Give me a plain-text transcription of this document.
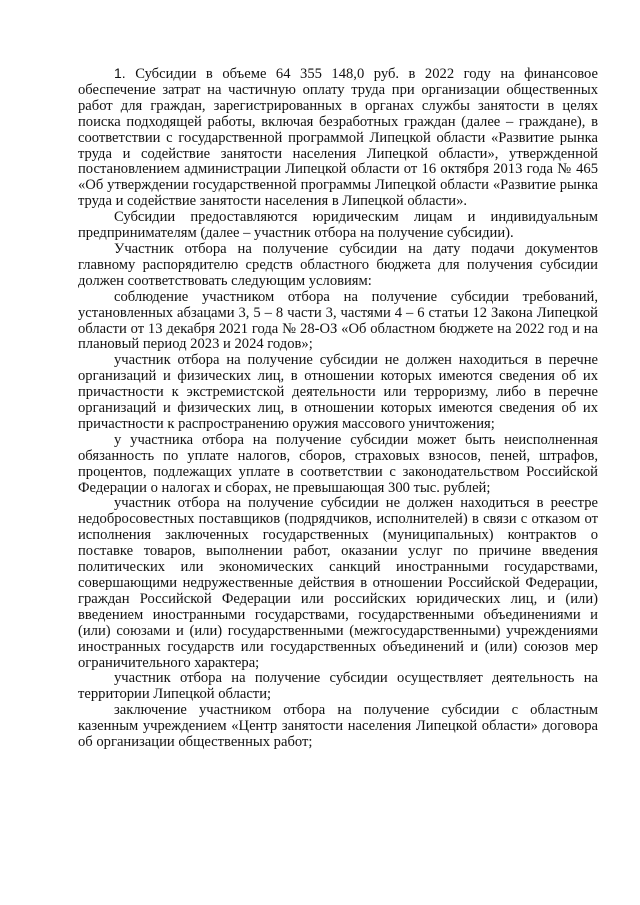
1. Субсидии в объеме 64 355 148,0 руб. в 2022 году на финансовое обеспечение затрат на частичную оплату труда при организации общественных работ для граждан, зарегистрированных в органах службы занятости в целях поиска подходящей работы, включая безработных граждан (далее – граждане), в соответствии с государственной программой Липецкой области «Развитие рынка труда и содействие занятости населения Липецкой области», утвержденной постановлением администрации Липецкой области от 16 октября 2013 года № 465 «Об утверждении государственной программы Липецкой области «Развитие рынка труда и содействие занятости населения в Липецкой области».

Субсидии предоставляются юридическим лицам и индивидуальным предпринимателям (далее – участник отбора на получение субсидии).

Участник отбора на получение субсидии на дату подачи документов главному распорядителю средств областного бюджета для получения субсидии должен соответствовать следующим условиям:

соблюдение участником отбора на получение субсидии требований, установленных абзацами 3, 5 – 8 части 3, частями 4 – 6 статьи 12 Закона Липецкой области от 13 декабря 2021 года № 28-ОЗ «Об областном бюджете на 2022 год и на плановый период 2023 и 2024 годов»;

участник отбора на получение субсидии не должен находиться в перечне организаций и физических лиц, в отношении которых имеются сведения об их причастности к экстремистской деятельности или терроризму, либо в перечне организаций и физических лиц, в отношении которых имеются сведения об их причастности к распространению оружия массового уничтожения;

у участника отбора на получение субсидии может быть неисполненная обязанность по уплате налогов, сборов, страховых взносов, пеней, штрафов, процентов, подлежащих уплате в соответствии с законодательством Российской Федерации о налогах и сборах, не превышающая 300 тыс. рублей;

участник отбора на получение субсидии не должен находиться в реестре недобросовестных поставщиков (подрядчиков, исполнителей) в связи с отказом от исполнения заключенных государственных (муниципальных) контрактов о поставке товаров, выполнении работ, оказании услуг по причине введения политических или экономических санкций иностранными государствами, совершающими недружественные действия в отношении Российской Федерации, граждан Российской Федерации или российских юридических лиц, и (или) введением иностранными государствами, государственными объединениями и (или) союзами и (или) государственными (межгосударственными) учреждениями иностранных государств или государственных объединений и (или) союзов мер ограничительного характера;

участник отбора на получение субсидии осуществляет деятельность на территории Липецкой области;

заключение участником отбора на получение субсидии с областным казенным учреждением «Центр занятости населения Липецкой области» договора об организации общественных работ;
